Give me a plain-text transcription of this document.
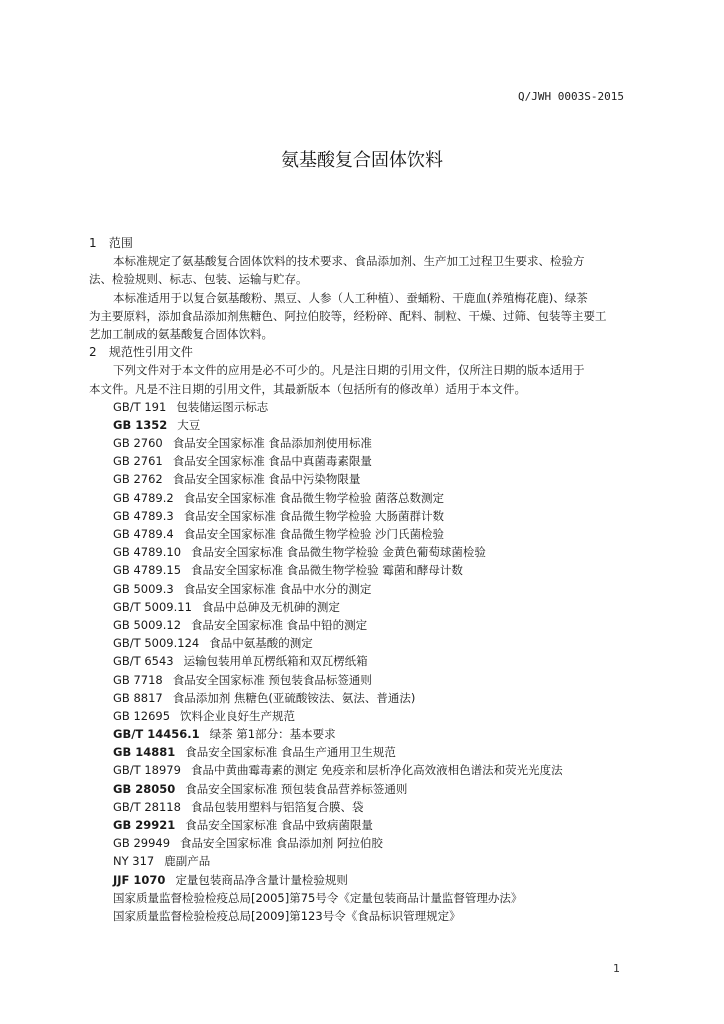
Q/JWH 0003S-2015
氨基酸复合固体饮料
1 范围
本标准规定了氨基酸复合固体饮料的技术要求、食品添加剂、生产加工过程卫生要求、检验方
法、检验规则、标志、包装、运输与贮存。
本标准适用于以复合氨基酸粉、黑豆、人参（人工种植）、蚕蛹粉、干鹿血(养殖梅花鹿)、绿茶
为主要原料，添加食品添加剂焦糖色、阿拉伯胶等，经粉碎、配料、制粒、干燥、过筛、包装等主要工
艺加工制成的氨基酸复合固体饮料。
2 规范性引用文件
下列文件对于本文件的应用是必不可少的。凡是注日期的引用文件，仅所注日期的版本适用于
本文件。凡是不注日期的引用文件，其最新版本（包括所有的修改单）适用于本文件。
GB/T 191 包装储运图示标志
GB 1352 大豆
GB 2760 食品安全国家标准 食品添加剂使用标准
GB 2761 食品安全国家标准 食品中真菌毒素限量
GB 2762 食品安全国家标准 食品中污染物限量
GB 4789.2 食品安全国家标准 食品微生物学检验 菌落总数测定
GB 4789.3 食品安全国家标准 食品微生物学检验 大肠菌群计数
GB 4789.4 食品安全国家标准 食品微生物学检验 沙门氏菌检验
GB 4789.10 食品安全国家标准 食品微生物学检验 金黄色葡萄球菌检验
GB 4789.15 食品安全国家标准 食品微生物学检验 霉菌和酵母计数
GB 5009.3 食品安全国家标准 食品中水分的测定
GB/T 5009.11 食品中总砷及无机砷的测定
GB 5009.12 食品安全国家标准 食品中铅的测定
GB/T 5009.124 食品中氨基酸的测定
GB/T 6543 运输包装用单瓦楞纸箱和双瓦楞纸箱
GB 7718 食品安全国家标准 预包装食品标签通则
GB 8817 食品添加剂 焦糖色(亚硫酸铵法、氨法、普通法)
GB 12695 饮料企业良好生产规范
GB/T 14456.1 绿茶 第1部分：基本要求
GB 14881 食品安全国家标准 食品生产通用卫生规范
GB/T 18979 食品中黄曲霉毒素的测定 免疫亲和层析净化高效液相色谱法和荧光光度法
GB 28050 食品安全国家标准 预包装食品营养标签通则
GB/T 28118 食品包装用塑料与铝箔复合膜、袋
GB 29921 食品安全国家标准 食品中致病菌限量
GB 29949 食品安全国家标准 食品添加剂 阿拉伯胶
NY 317 鹿副产品
JJF 1070 定量包装商品净含量计量检验规则
国家质量监督检验检疫总局[2005]第75号令《定量包装商品计量监督管理办法》
国家质量监督检验检疫总局[2009]第123号令《食品标识管理规定》
1
